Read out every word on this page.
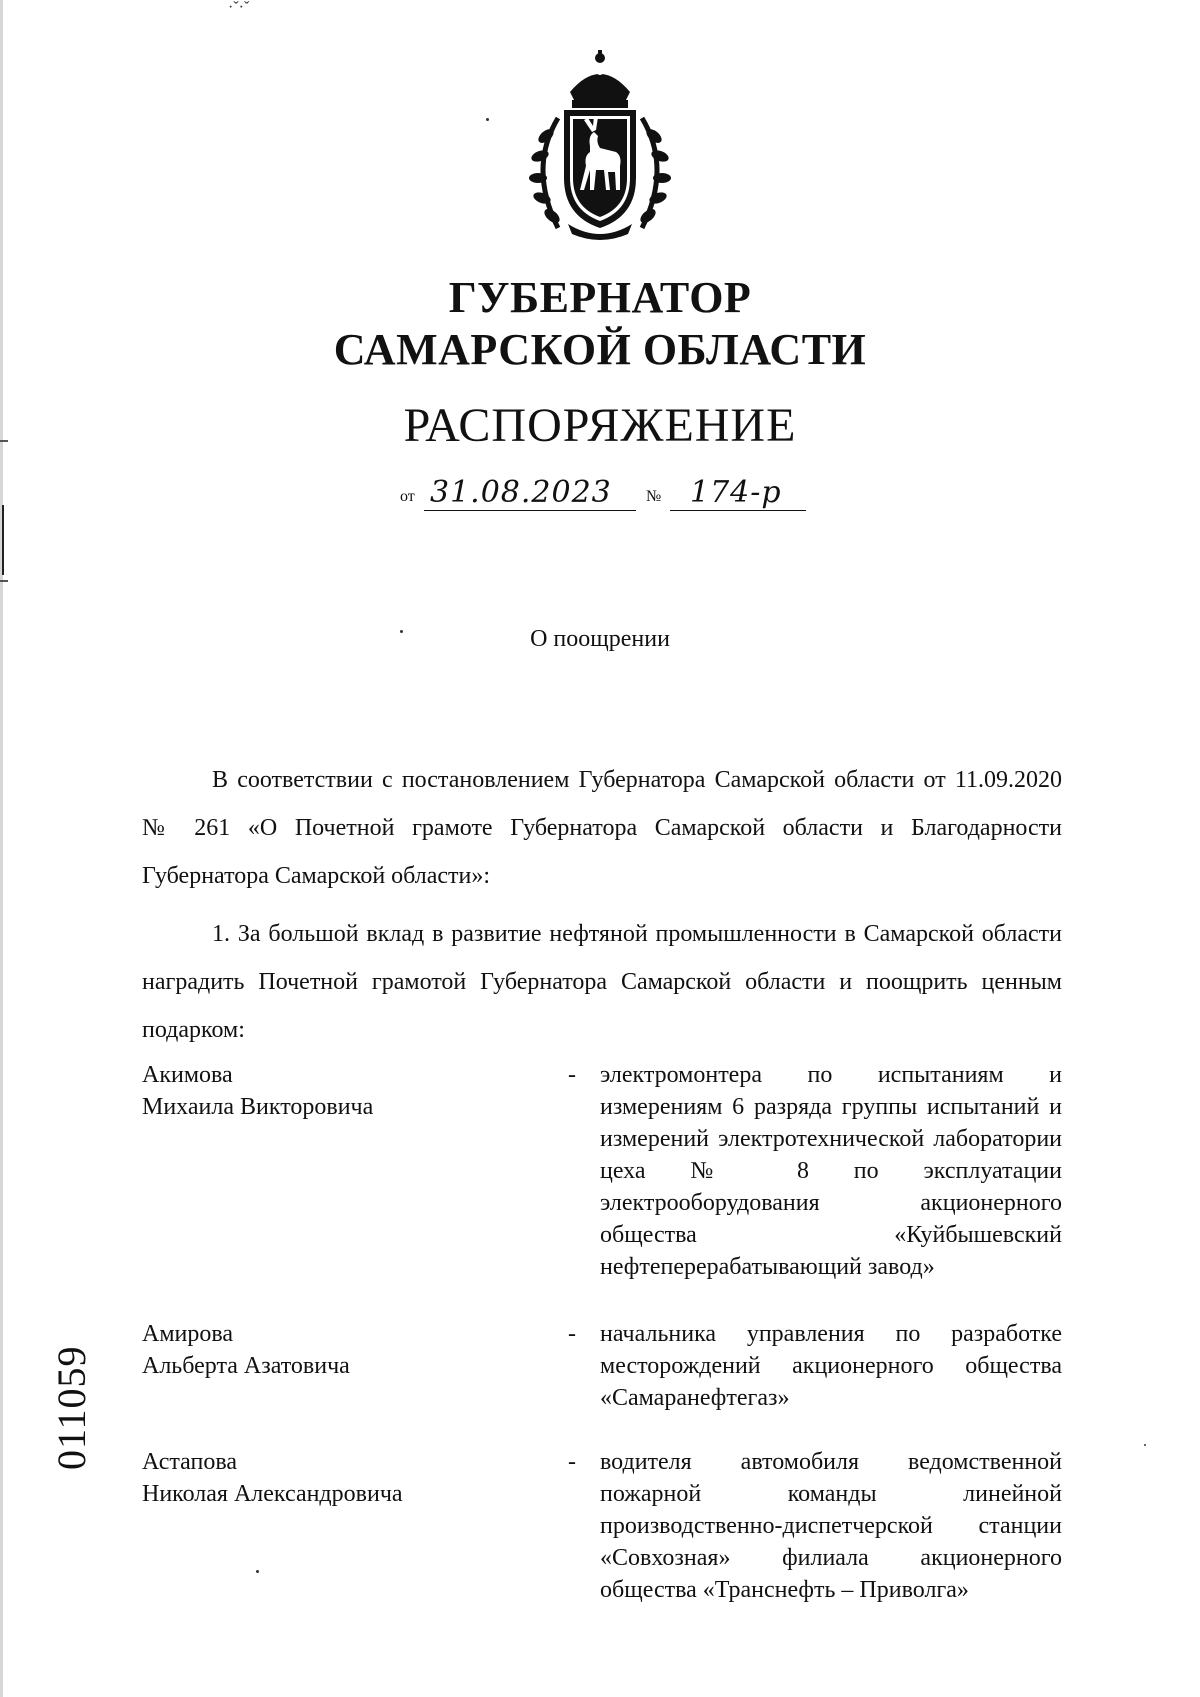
·ˇ·ˇ
ГУБЕРНАТОР
САМАРСКОЙ ОБЛАСТИ
РАСПОРЯЖЕНИЕ
от 31.08.2023 № 174-р
О поощрении
В соответствии с постановлением Губернатора Самарской области от 11.09.2020 № 261 «О Почетной грамоте Губернатора Самарской области и Благодарности Губернатора Самарской области»:
1. За большой вклад в развитие нефтяной промышленности в Самарской области наградить Почетной грамотой Губернатора Самарской области и поощрить ценным подарком:
Акимова
Михаила Викторовича
- электромонтера по испытаниям и измерениям 6 разряда группы испытаний и измерений электротехнической лаборатории цеха № 8 по эксплуатации электрооборудования акционерного общества «Куйбышевский нефтеперерабатывающий завод»
Амирова
Альберта Азатовича
- начальника управления по разработке месторождений акционерного общества «Самаранефтегаз»
Астапова
Николая Александровича
- водителя автомобиля ведомственной пожарной команды линейной производственно-диспетчерской станции «Совхозная» филиала акционерного общества «Транснефть – Приволга»
011059
